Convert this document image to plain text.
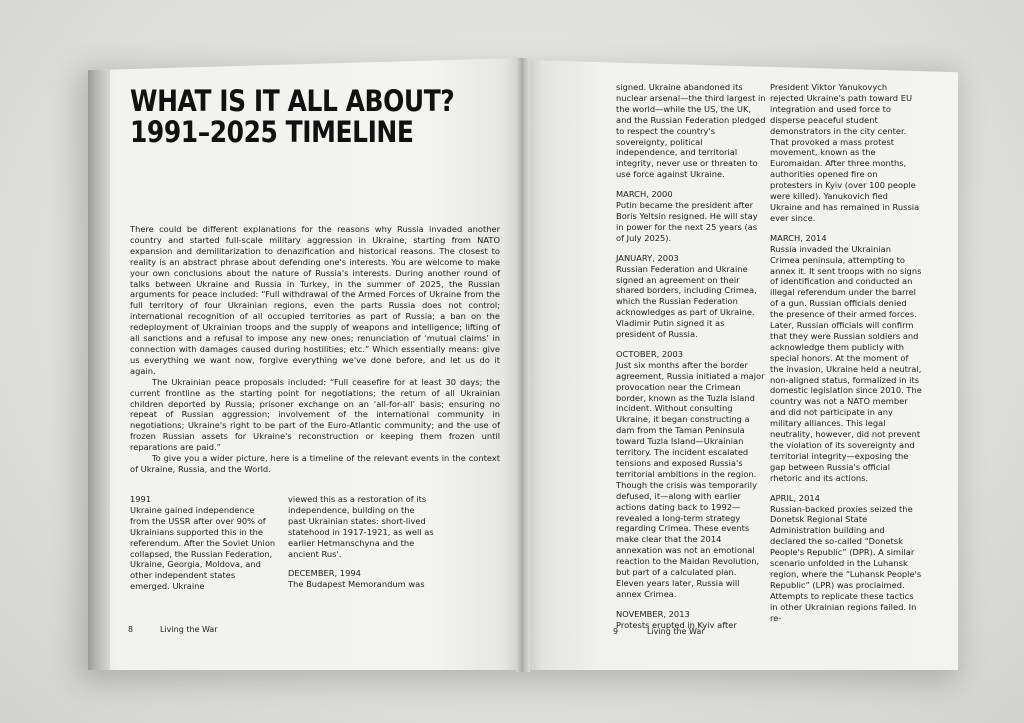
WHAT IS IT ALL ABOUT?
1991–2025 TIMELINE

There could be different explanations for the reasons why Russia invaded another country and started full-scale military aggression in Ukraine, starting from NATO expansion and demilitarization to denazification and historical reasons. The closest to reality is an abstract phrase about defending one's interests. You are welcome to make your own conclusions about the nature of Russia's interests. During another round of talks between Ukraine and Russia in Turkey, in the summer of 2025, the Russian arguments for peace included: “Full withdrawal of the Armed Forces of Ukraine from the full territory of four Ukrainian regions, even the parts Russia does not control; international recognition of all occupied territories as part of Russia; a ban on the redeployment of Ukrainian troops and the supply of weapons and intelligence; lifting of all sanctions and a refusal to impose any new ones; renunciation of ‘mutual claims’ in connection with damages caused during hostilities; etc.” Which essentially means: give us everything we want now, forgive everything we've done before, and let us do it again.

The Ukrainian peace proposals included: “Full ceasefire for at least 30 days; the current frontline as the starting point for negotiations; the return of all Ukrainian children deported by Russia; prisoner exchange on an ‘all-for-all’ basis; ensuring no repeat of Russian aggression; involvement of the international community in negotiations; Ukraine's right to be part of the Euro-Atlantic community; and the use of frozen Russian assets for Ukraine's reconstruction or keeping them frozen until reparations are paid.”

To give you a wider picture, here is a timeline of the relevant events in the context of Ukraine, Russia, and the World.

1991

Ukraine gained independence from the USSR after over 90% of Ukrainians supported this in the referendum. After the Soviet Union collapsed, the Russian Federation, Ukraine, Georgia, Moldova, and other independent states emerged. Ukraine

viewed this as a restoration of its independence, building on the past Ukrainian states: short-lived statehood in 1917-1921, as well as earlier Hetmanschyna and the ancient Rus'.

DECEMBER, 1994

The Budapest Memorandum was

signed. Ukraine abandoned its nuclear arsenal—the third largest in the world—while the US, the UK, and the Russian Federation pledged to respect the country's sovereignty, political independence, and territorial integrity, never use or threaten to use force against Ukraine.

MARCH, 2000

Putin became the president after Boris Yeltsin resigned. He will stay in power for the next 25 years (as of July 2025).

JANUARY, 2003

Russian Federation and Ukraine signed an agreement on their shared borders, including Crimea, which the Russian Federation acknowledges as part of Ukraine. Vladimir Putin signed it as president of Russia.

OCTOBER, 2003

Just six months after the border agreement, Russia initiated a major provocation near the Crimean border, known as the Tuzla Island incident. Without consulting Ukraine, it began constructing a dam from the Taman Peninsula toward Tuzla Island—Ukrainian territory. The incident escalated tensions and exposed Russia's territorial ambitions in the region. Though the crisis was temporarily defused, it—along with earlier actions dating back to 1992—revealed a long-term strategy regarding Crimea. These events make clear that the 2014 annexation was not an emotional reaction to the Maidan Revolution, but part of a calculated plan. Eleven years later, Russia will annex Crimea.

NOVEMBER, 2013

Protests erupted in Kyiv after

President Viktor Yanukovych rejected Ukraine's path toward EU integration and used force to disperse peaceful student demonstrators in the city center. That provoked a mass protest movement, known as the Euromaidan. After three months, authorities opened fire on protesters in Kyiv (over 100 people were killed). Yanukovich fled Ukraine and has remained in Russia ever since.

MARCH, 2014

Russia invaded the Ukrainian Crimea peninsula, attempting to annex it. It sent troops with no signs of identification and conducted an illegal referendum under the barrel of a gun. Russian officials denied the presence of their armed forces. Later, Russian officials will confirm that they were Russian soldiers and acknowledge them publicly with special honors. At the moment of the invasion, Ukraine held a neutral, non-aligned status, formalized in its domestic legislation since 2010. The country was not a NATO member and did not participate in any military alliances. This legal neutrality, however, did not prevent the violation of its sovereignty and territorial integrity—exposing the gap between Russia's official rhetoric and its actions.

APRIL, 2014

Russian-backed proxies seized the Donetsk Regional State Administration building and declared the so-called “Donetsk People's Republic” (DPR). A similar scenario unfolded in the Luhansk region, where the “Luhansk People's Republic” (LPR) was proclaimed. Attempts to replicate these tactics in other Ukrainian regions failed. In re-

8	Living the War	9	Living the War
